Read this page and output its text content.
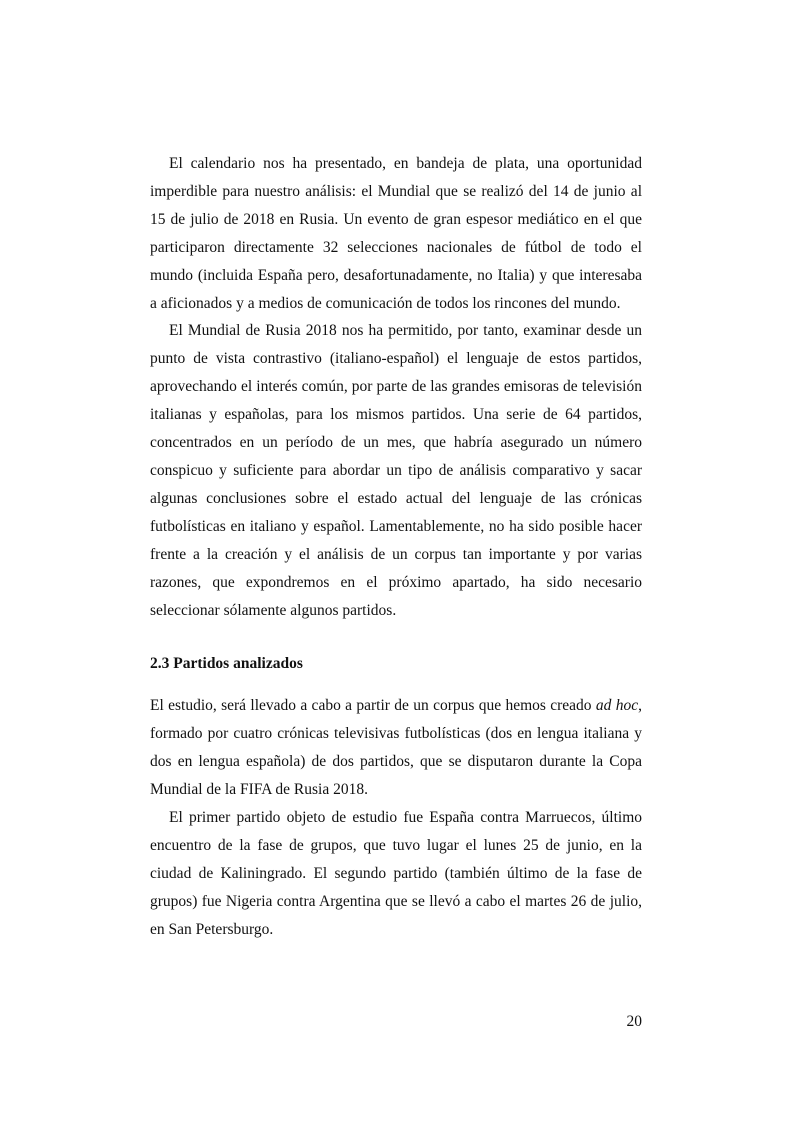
El calendario nos ha presentado, en bandeja de plata, una oportunidad imperdible para nuestro análisis: el Mundial que se realizó del 14 de junio al 15 de julio de 2018 en Rusia. Un evento de gran espesor mediático en el que participaron directamente 32 selecciones nacionales de fútbol de todo el mundo (incluida España pero, desafortunadamente, no Italia) y que interesaba a aficionados y a medios de comunicación de todos los rincones del mundo.

El Mundial de Rusia 2018 nos ha permitido, por tanto, examinar desde un punto de vista contrastivo (italiano-español) el lenguaje de estos partidos, aprovechando el interés común, por parte de las grandes emisoras de televisión italianas y españolas, para los mismos partidos. Una serie de 64 partidos, concentrados en un período de un mes, que habría asegurado un número conspicuo y suficiente para abordar un tipo de análisis comparativo y sacar algunas conclusiones sobre el estado actual del lenguaje de las crónicas futbolísticas en italiano y español. Lamentablemente, no ha sido posible hacer frente a la creación y el análisis de un corpus tan importante y por varias razones, que expondremos en el próximo apartado, ha sido necesario seleccionar sólamente algunos partidos.

2.3 Partidos analizados

El estudio, será llevado a cabo a partir de un corpus que hemos creado ad hoc, formado por cuatro crónicas televisivas futbolísticas (dos en lengua italiana y dos en lengua española) de dos partidos, que se disputaron durante la Copa Mundial de la FIFA de Rusia 2018.

El primer partido objeto de estudio fue España contra Marruecos, último encuentro de la fase de grupos, que tuvo lugar el lunes 25 de junio, en la ciudad de Kaliningrado. El segundo partido (también último de la fase de grupos) fue Nigeria contra Argentina que se llevó a cabo el martes 26 de julio, en San Petersburgo.

20
